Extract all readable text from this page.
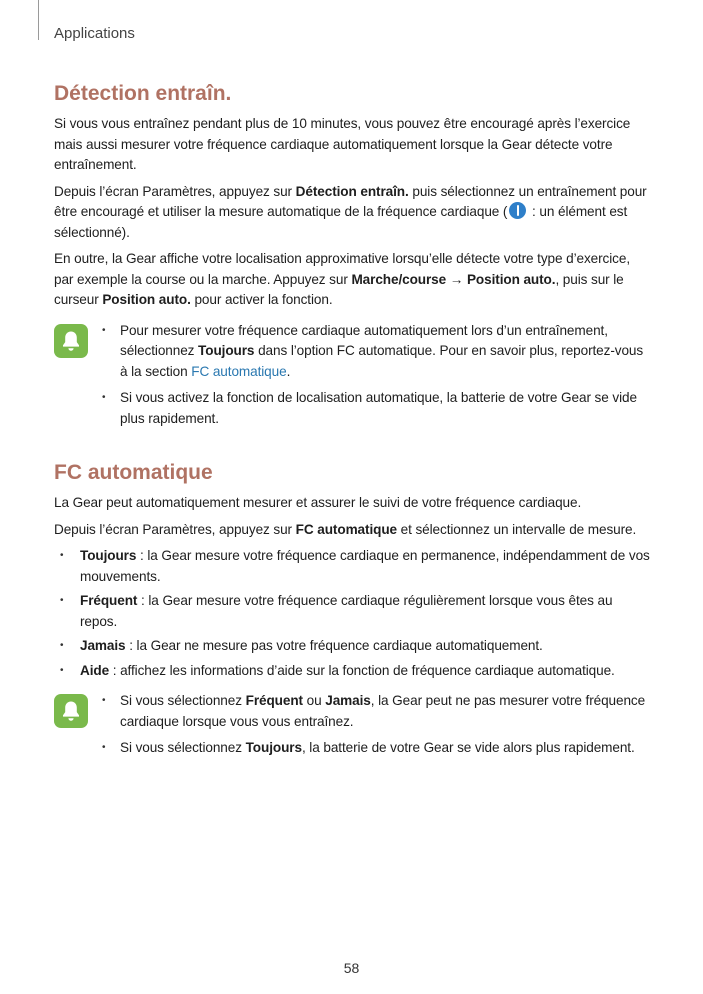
Applications
Détection entraîn.

Si vous vous entraînez pendant plus de 10 minutes, vous pouvez être encouragé après l’exercice mais aussi mesurer votre fréquence cardiaque automatiquement lorsque la Gear détecte votre entraînement.

Depuis l’écran Paramètres, appuyez sur Détection entraîn. puis sélectionnez un entraînement pour être encouragé et utiliser la mesure automatique de la fréquence cardiaque ( : un élément est sélectionné).

En outre, la Gear affiche votre localisation approximative lorsqu’elle détecte votre type d’exercice, par exemple la course ou la marche. Appuyez sur Marche/course → Position auto., puis sur le curseur Position auto. pour activer la fonction.

• Pour mesurer votre fréquence cardiaque automatiquement lors d’un entraînement, sélectionnez Toujours dans l’option FC automatique. Pour en savoir plus, reportez-vous à la section FC automatique.
• Si vous activez la fonction de localisation automatique, la batterie de votre Gear se vide plus rapidement.
FC automatique

La Gear peut automatiquement mesurer et assurer le suivi de votre fréquence cardiaque.

Depuis l’écran Paramètres, appuyez sur FC automatique et sélectionnez un intervalle de mesure.

• Toujours : la Gear mesure votre fréquence cardiaque en permanence, indépendamment de vos mouvements.
• Fréquent : la Gear mesure votre fréquence cardiaque régulièrement lorsque vous êtes au repos.
• Jamais : la Gear ne mesure pas votre fréquence cardiaque automatiquement.
• Aide : affichez les informations d’aide sur la fonction de fréquence cardiaque automatique.
• Si vous sélectionnez Fréquent ou Jamais, la Gear peut ne pas mesurer votre fréquence cardiaque lorsque vous vous entraînez.
• Si vous sélectionnez Toujours, la batterie de votre Gear se vide alors plus rapidement.
58
